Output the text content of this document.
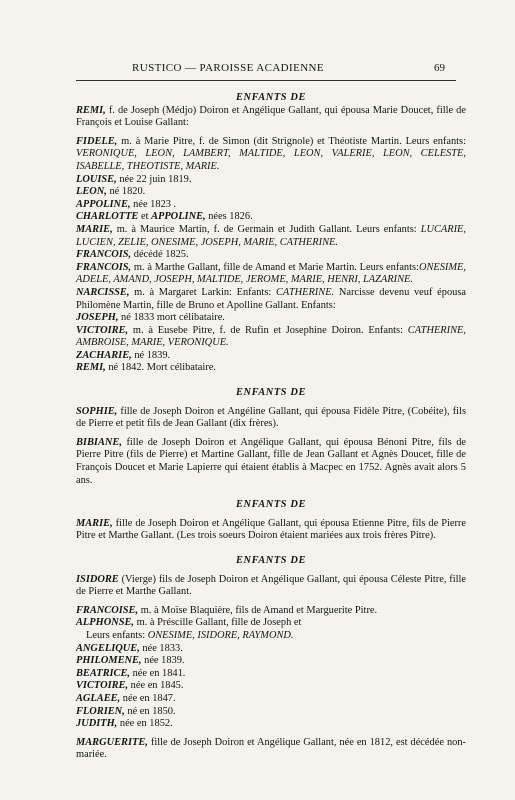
RUSTICO — PAROISSE ACADIENNE	69

ENFANTS DE

REMI, f. de Joseph (Médjo) Doiron et Angélique Gallant, qui épousa Marie Doucet, fille de François et Louise Gallant:

FIDELE, m. à Marie Pitre, f. de Simon (dit Strignole) et Théotiste Martin. Leurs enfants: VERONIQUE, LEON, LAMBERT, MALTIDE, LEON, VALERIE, LEON, CELESTE, ISABELLE, THEOTISTE, MARIE.

LOUISE, née 22 juin 1819.

LEON, né 1820.

APPOLINE, née 1823 .

CHARLOTTE et APPOLINE, nées 1826.

MARIE, m. à Maurice Martin, f. de Germain et Judith Gallant. Leurs enfants: LUCARIE, LUCIEN, ZELIE, ONESIME, JOSEPH, MARIE, CATHERINE.

FRANCOIS, décédé 1825.

FRANCOIS, m. à Marthe Gallant, fille de Amand et Marie Martin. Leurs enfants:ONESIME, ADELE, AMAND, JOSEPH, MALTIDE, JEROME, MARIE, HENRI, LAZARINE.

NARCISSE, m. à Margaret Larkin: Enfants: CATHERINE. Narcisse devenu veuf épousa Philomène Martin, fille de Bruno et Apolline Gallant. Enfants:

JOSEPH, né 1833 mort célibataire.

VICTOIRE, m. à Eusebe Pitre, f. de Rufin et Josephine Doiron. Enfants: CATHERINE, AMBROISE, MARIE, VERONIQUE.

ZACHARIE, né 1839.

REMI, né 1842. Mort célibataire.

ENFANTS DE

SOPHIE, fille de Joseph Doiron et Angéline Gallant, qui épousa Fidèle Pitre, (Cobéite), fils de Pierre et petit fils de Jean Gallant (dix frères).

BIBIANE, fille de Joseph Doiron et Angélique Gallant, qui épousa Bénoni Pitre, fils de Pierre Pitre (fils de Pierre) et Martine Gallant, fille de Jean Gallant et Agnès Doucet, fille de François Doucet et Marie Lapierre qui étaient établis à Macpec en 1752. Agnès avait alors 5 ans.

ENFANTS DE

MARIE, fille de Joseph Doiron et Angélique Gallant, qui épousa Etienne Pitre, fils de Pierre Pitre et Marthe Gallant. (Les trois soeurs Doiron étaient mariées aux trois frères Pitre).

ENFANTS DE

ISIDORE (Vierge) fils de Joseph Doiron et Angélique Gallant, qui épousa Céleste Pitre, fille de Pierre et Marthe Gallant.

FRANCOISE, m. à Moïse Blaquière, fils de Amand et Marguerite Pitre.

ALPHONSE, m. à Préscille Gallant, fille de Joseph et

Leurs enfants: ONESIME, ISIDORE, RAYMOND.

ANGELIQUE, née 1833.

PHILOMENE, née 1839.

BEATRICE, née en 1841.

VICTOIRE, née en 1845.

AGLAEE, née en 1847.

FLORIEN, né en 1850.

JUDITH, née en 1852.

MARGUERITE, fille de Joseph Doiron et Angélique Gallant, née en 1812, est décédée non-mariée.
